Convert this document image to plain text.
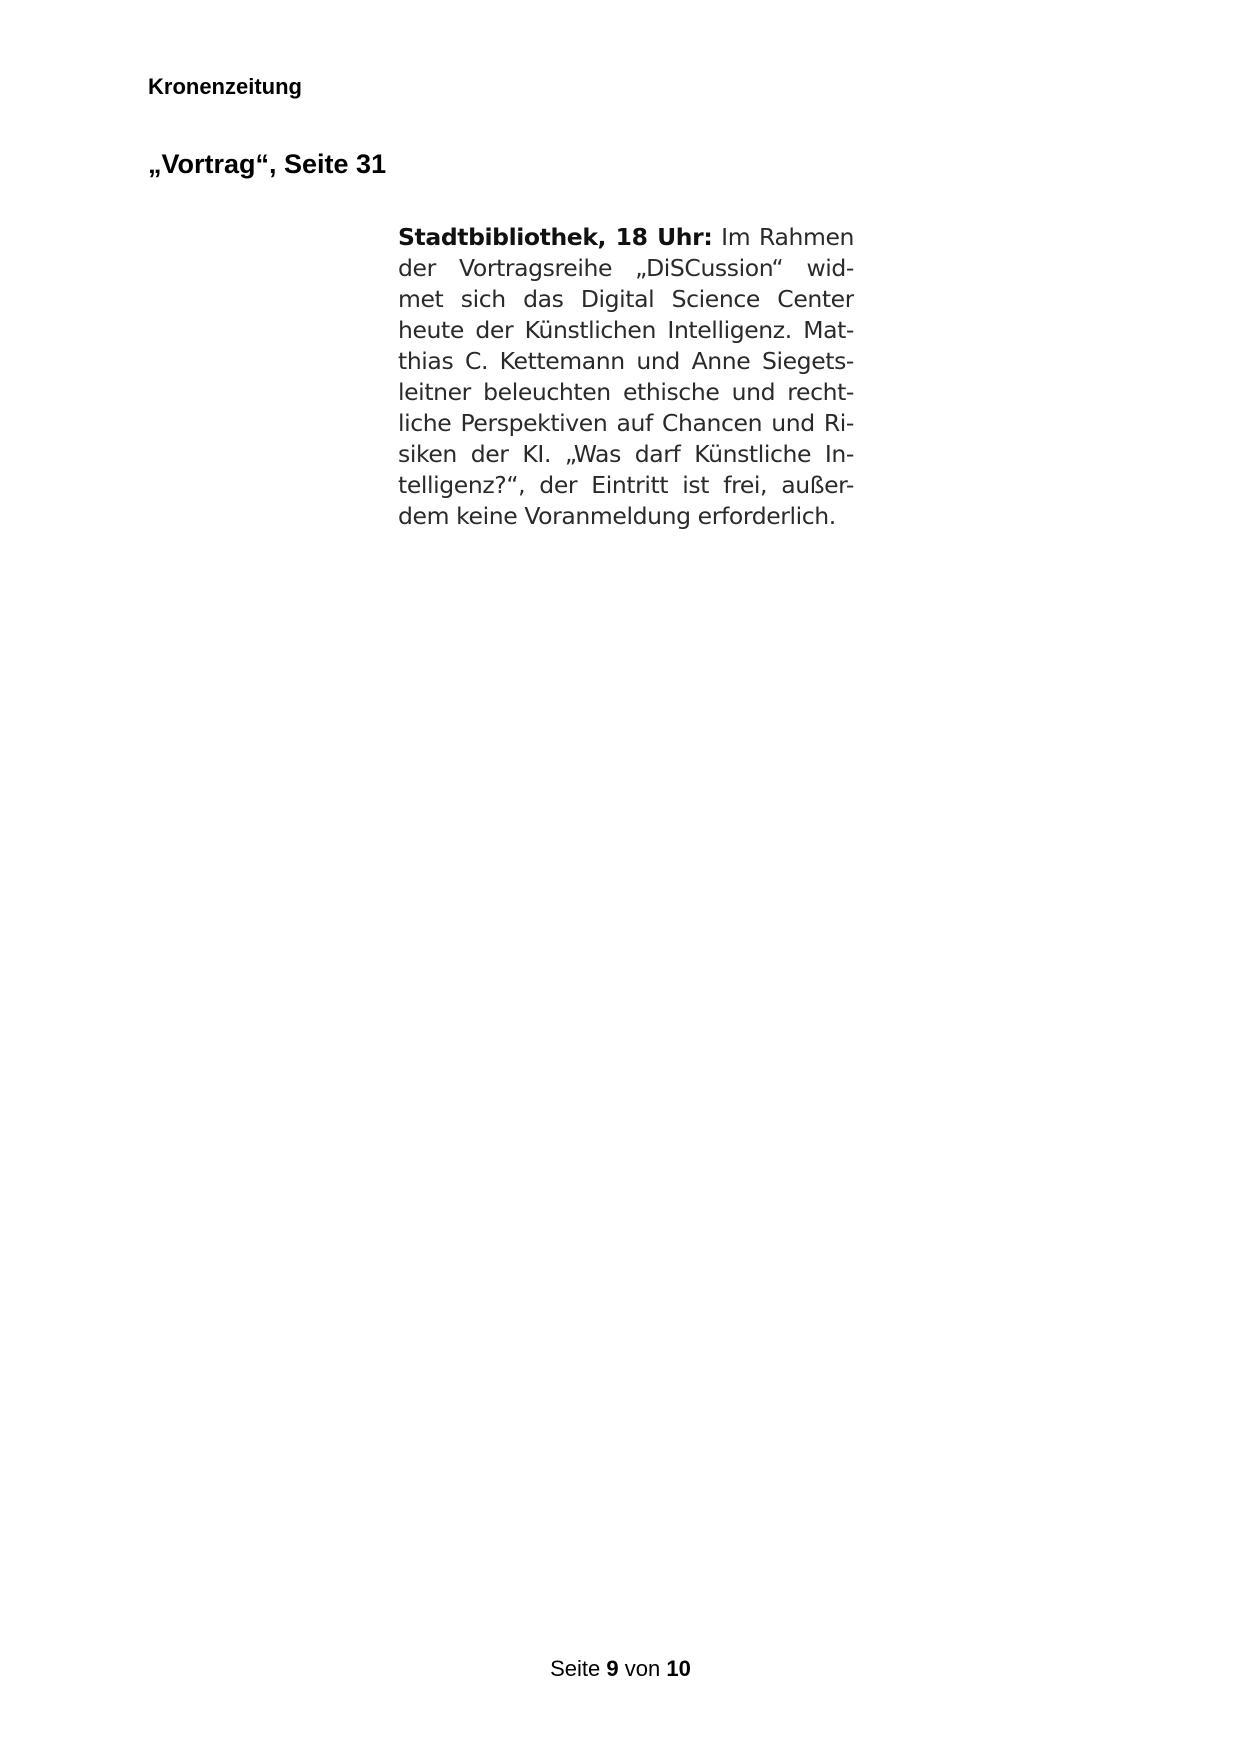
Kronenzeitung
„Vortrag“, Seite 31
Stadtbibliothek, 18 Uhr: Im Rahmen
der Vortragsreihe „DiSCussion“ wid-
met sich das Digital Science Center
heute der Künstlichen Intelligenz. Mat-
thias C. Kettemann und Anne Siegets-
leitner beleuchten ethische und recht-
liche Perspektiven auf Chancen und Ri-
siken der KI. „Was darf Künstliche In-
telligenz?“, der Eintritt ist frei, außer-
dem keine Voranmeldung erforderlich.
Seite 9 von 10
